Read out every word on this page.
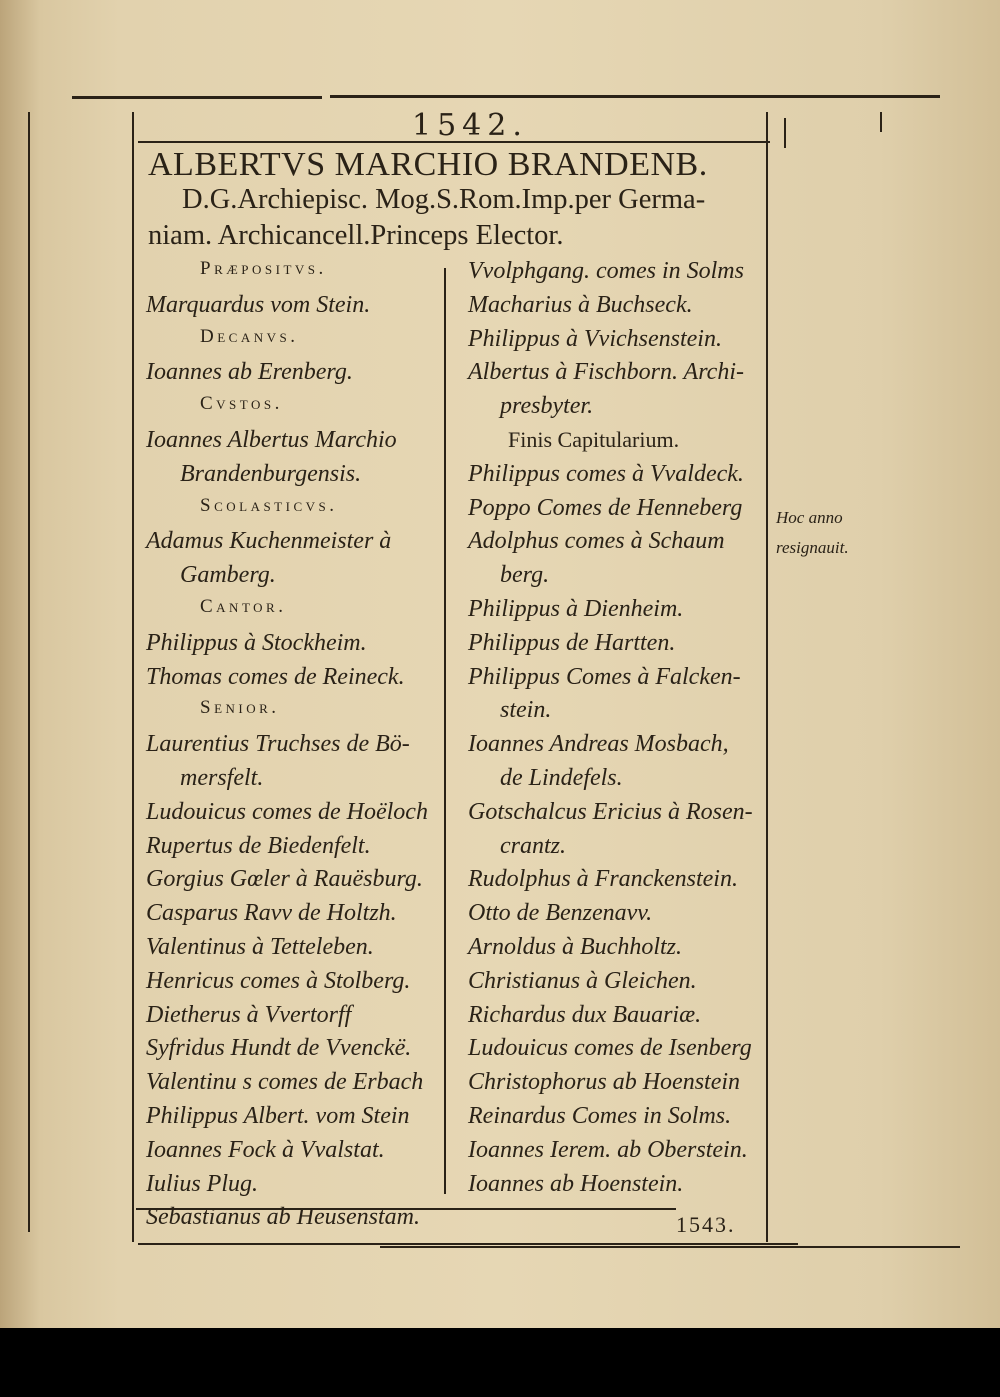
1542.
ALBERTVS MARCHIO BRANDENB.
D.G.Archiepisc. Mog.S.Rom.Imp.per Germa-
niam. Archicancell.Princeps Elector.
Præpositvs.
Marquardus vom Stein.
Decanvs.
Ioannes ab Erenberg.
Cvstos.
Ioannes Albertus Marchio
Brandenburgensis.
Scolasticvs.
Adamus Kuchenmeister à
Gamberg.
Cantor.
Philippus à Stockheim.
Thomas comes de Reineck.
Senior.
Laurentius Truchses de Bö-
mersfelt.
Ludouicus comes de Hoëloch
Rupertus de Biedenfelt.
Gorgius Gœler à Rauësburg.
Casparus Ravv de Holtzh.
Valentinus à Tetteleben.
Henricus comes à Stolberg.
Dietherus à Vvertorff
Syfridus Hundt de Vvenckë.
Valentinu s comes de Erbach
Philippus Albert. vom Stein
Ioannes Fock à Vvalstat.
Iulius Plug.
Sebastianus ab Heusenstam.
Vvolphgang. comes in Solms
Macharius à Buchseck.
Philippus à Vvichsenstein.
Albertus à Fischborn. Archi-
presbyter.
Finis Capitularium.
Philippus comes à Vvaldeck.
Poppo Comes de Henneberg
Adolphus comes à Schaum
berg.
Philippus à Dienheim.
Philippus de Hartten.
Philippus Comes à Falcken-
stein.
Ioannes Andreas Mosbach,
de Lindefels.
Gotschalcus Ericius à Rosen-
crantz.
Rudolphus à Franckenstein.
Otto de Benzenavv.
Arnoldus à Buchholtz.
Christianus à Gleichen.
Richardus dux Bauariæ.
Ludouicus comes de Isenberg
Christophorus ab Hoenstein
Reinardus Comes in Solms.
Ioannes Ierem. ab Oberstein.
Ioannes ab Hoenstein.
Hoc anno
resignauit.
1543.
